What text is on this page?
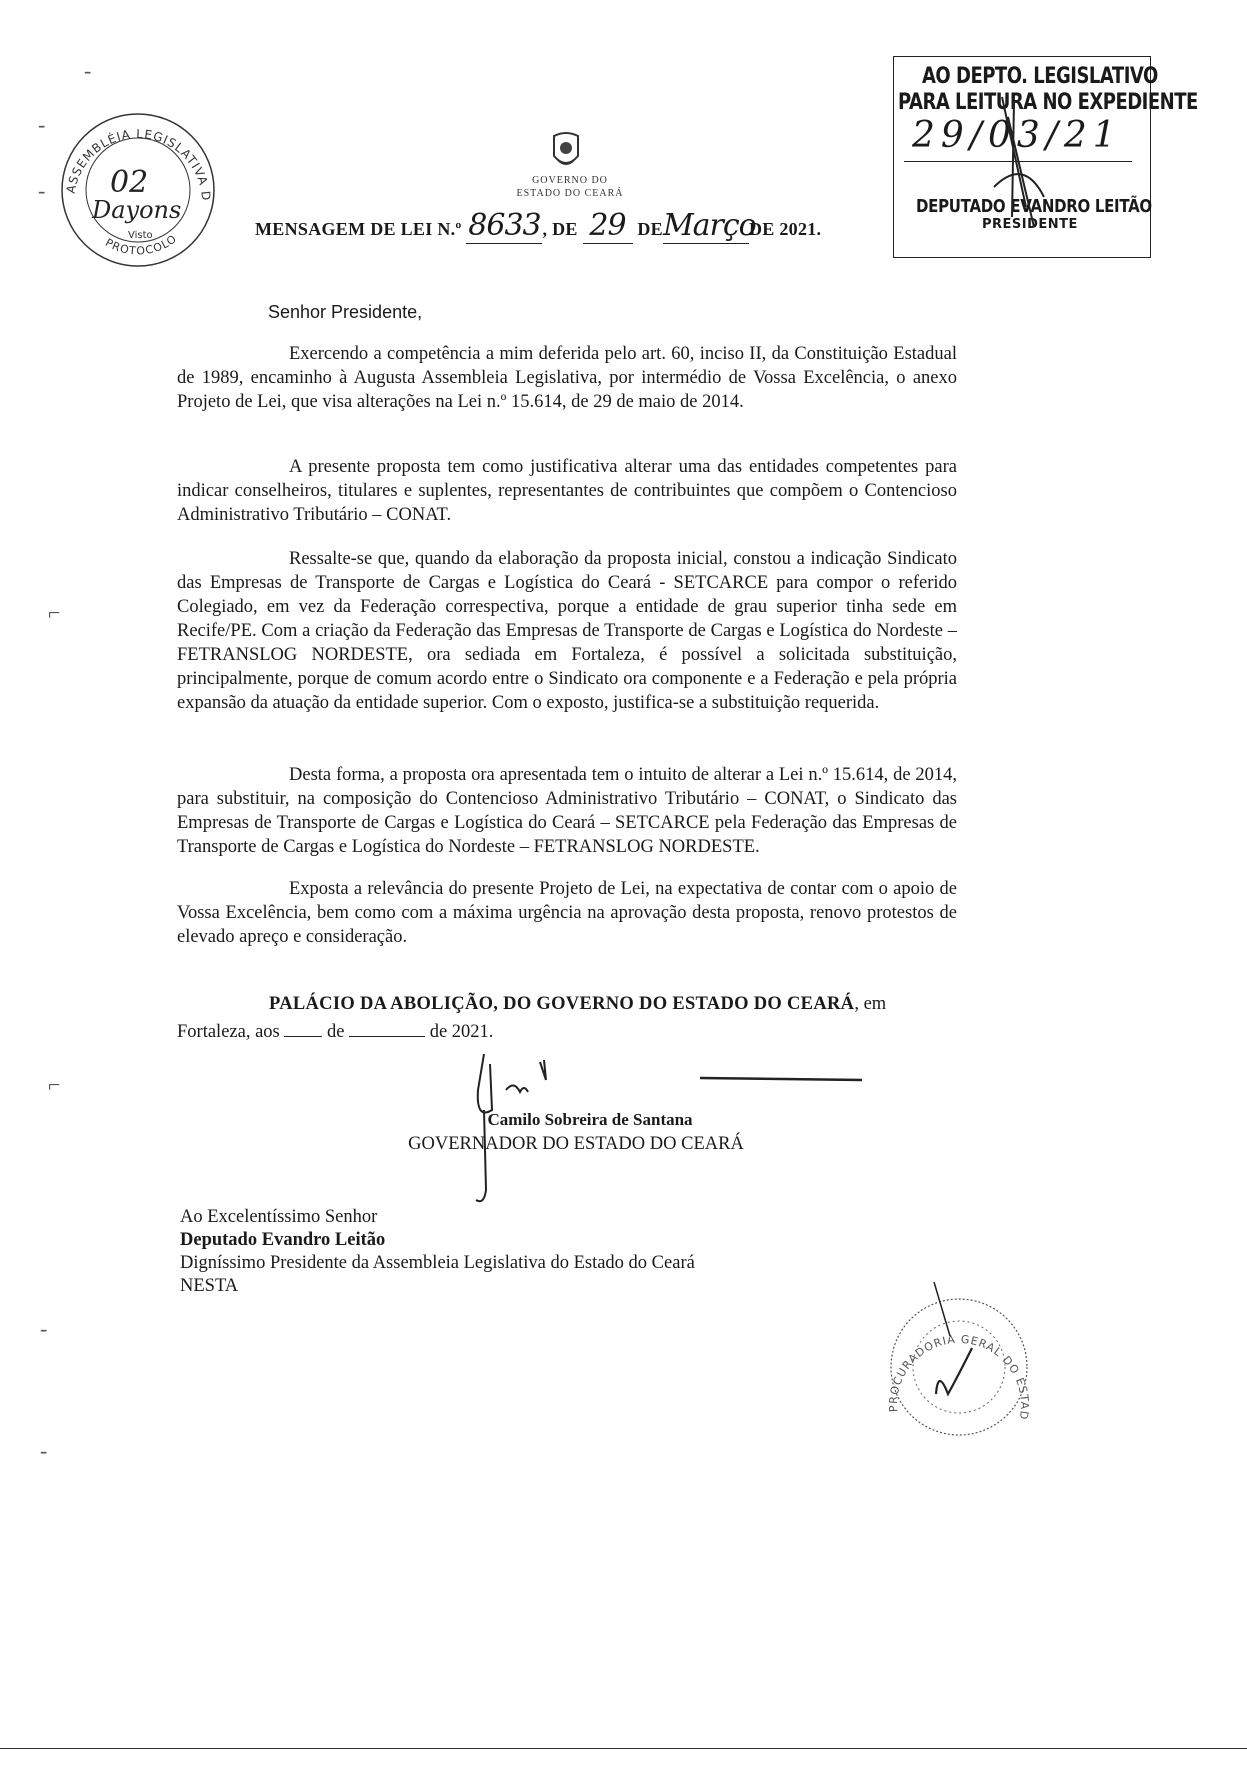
-
-
-
⌐
⌐
-
-
ASSEMBLÉIA LEGISLATIVA D
PROTOCOLO
02
Dayons
Visto
GOVERNO DO
ESTADO DO CEARÁ
MENSAGEM DE LEI N.º 8633 , DE 29 DEMarçoDE 2021.
AO DEPTO. LEGISLATIVO
PARA LEITURA NO EXPEDIENTE
29/03/21
DEPUTADO EVANDRO LEITÃO
PRESIDENTE
Senhor Presidente,
Exercendo a competência a mim deferida pelo art. 60, inciso II, da Constituição Estadual de 1989, encaminho à Augusta Assembleia Legislativa, por intermédio de Vossa Excelência, o anexo Projeto de Lei, que visa alterações na Lei n.º 15.614, de 29 de maio de 2014.
A presente proposta tem como justificativa alterar uma das entidades competentes para indicar conselheiros, titulares e suplentes, representantes de contribuintes que compõem o Contencioso Administrativo Tributário – CONAT.
Ressalte-se que, quando da elaboração da proposta inicial, constou a indicação Sindicato das Empresas de Transporte de Cargas e Logística do Ceará - SETCARCE para compor o referido Colegiado, em vez da Federação correspectiva, porque a entidade de grau superior tinha sede em Recife/PE. Com a criação da Federação das Empresas de Transporte de Cargas e Logística do Nordeste – FETRANSLOG NORDESTE, ora sediada em Fortaleza, é possível a solicitada substituição, principalmente, porque de comum acordo entre o Sindicato ora componente e a Federação e pela própria expansão da atuação da entidade superior. Com o exposto, justifica-se a substituição requerida.
Desta forma, a proposta ora apresentada tem o intuito de alterar a Lei n.º 15.614, de 2014, para substituir, na composição do Contencioso Administrativo Tributário – CONAT, o Sindicato das Empresas de Transporte de Cargas e Logística do Ceará – SETCARCE pela Federação das Empresas de Transporte de Cargas e Logística do Nordeste – FETRANSLOG NORDESTE.
Exposta a relevância do presente Projeto de Lei, na expectativa de contar com o apoio de Vossa Excelência, bem como com a máxima urgência na aprovação desta proposta, renovo protestos de elevado apreço e consideração.
PALÁCIO DA ABOLIÇÃO, DO GOVERNO DO ESTADO DO CEARÁ, em
Fortaleza, aos	de	de 2021.
Camilo Sobreira de Santana
GOVERNADOR DO ESTADO DO CEARÁ
Ao Excelentíssimo Senhor
Deputado Evandro Leitão
Digníssimo Presidente da Assembleia Legislativa do Estado do Ceará
NESTA
PROCURADORIA GERAL DO ESTAD
